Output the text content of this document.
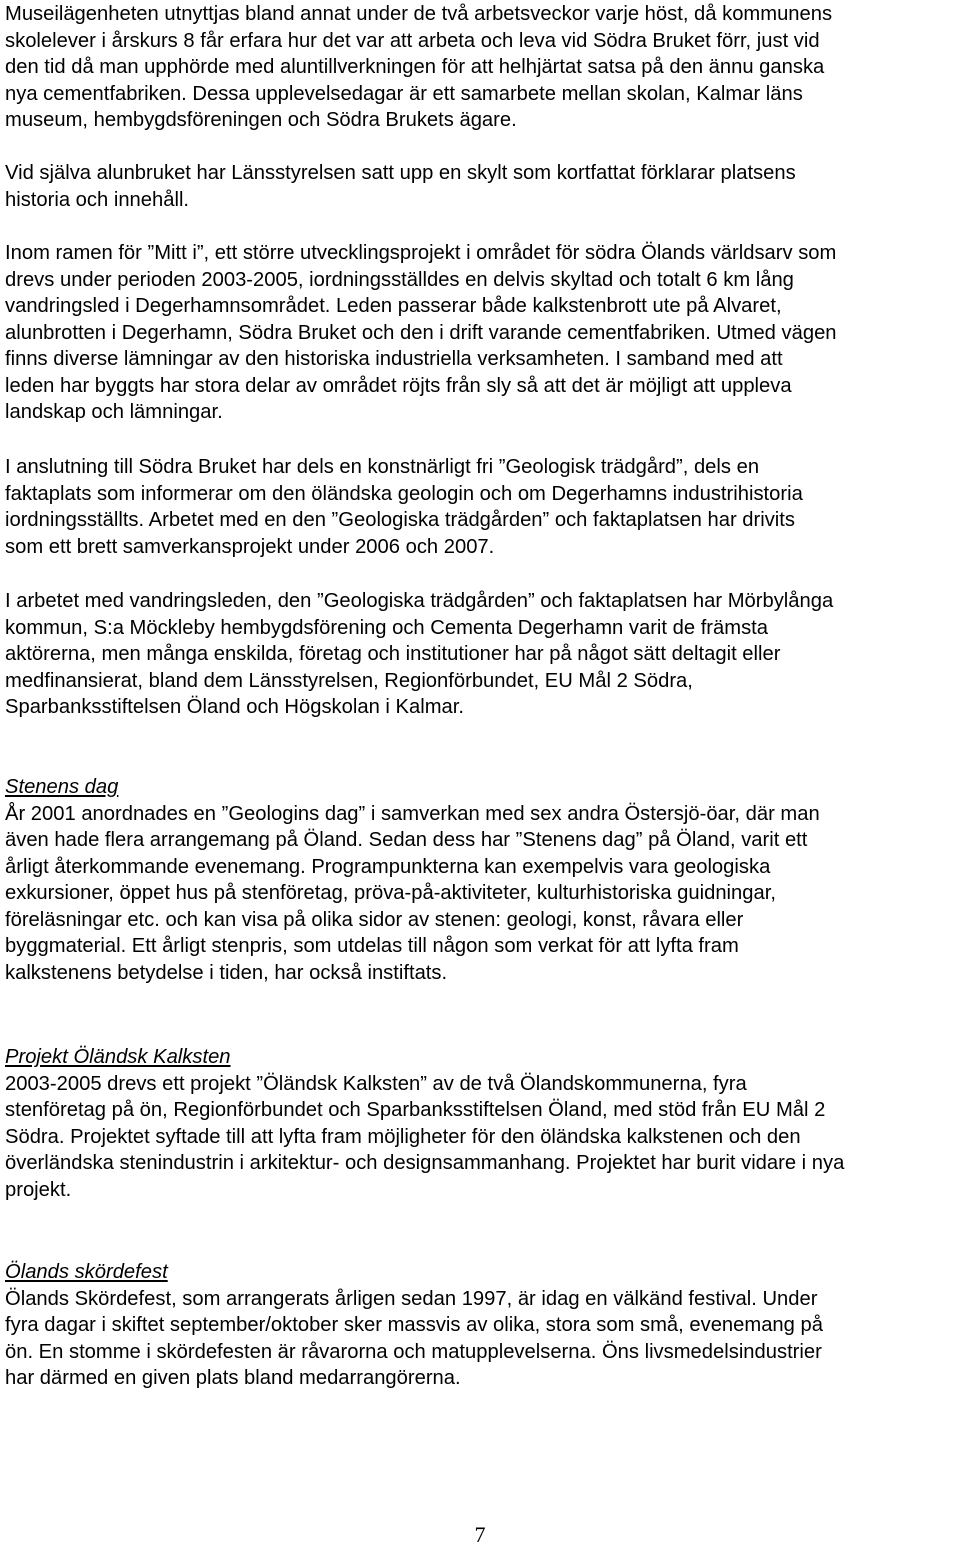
Museilägenheten utnyttjas bland annat under de två arbetsveckor varje höst, då kommunens
skolelever i årskurs 8 får erfara hur det var att arbeta och leva vid Södra Bruket förr, just vid
den tid då man upphörde med aluntillverkningen för att helhjärtat satsa på den ännu ganska
nya cementfabriken. Dessa upplevelsedagar är ett samarbete mellan skolan, Kalmar läns
museum, hembygdsföreningen och Södra Brukets ägare.

Vid själva alunbruket har Länsstyrelsen satt upp en skylt som kortfattat förklarar platsens
historia och innehåll.

Inom ramen för ”Mitt i”, ett större utvecklingsprojekt i området för södra Ölands världsarv som
drevs under perioden 2003-2005, iordningsställdes en delvis skyltad och totalt 6 km lång
vandringsled i Degerhamnsområdet. Leden passerar både kalkstenbrott ute på Alvaret,
alunbrotten i Degerhamn, Södra Bruket och den i drift varande cementfabriken. Utmed vägen
finns diverse lämningar av den historiska industriella verksamheten. I samband med att
leden har byggts har stora delar av området röjts från sly så att det är möjligt att uppleva
landskap och lämningar.

I anslutning till Södra Bruket har dels en konstnärligt fri ”Geologisk trädgård”, dels en
faktaplats som informerar om den öländska geologin och om Degerhamns industrihistoria
iordningsställts. Arbetet med en den ”Geologiska trädgården” och faktaplatsen har drivits
som ett brett samverkansprojekt under 2006 och 2007.

I arbetet med vandringsleden, den ”Geologiska trädgården” och faktaplatsen har Mörbylånga
kommun, S:a Möckleby hembygdsförening och Cementa Degerhamn varit de främsta
aktörerna, men många enskilda, företag och institutioner har på något sätt deltagit eller
medfinansierat, bland dem Länsstyrelsen, Regionförbundet, EU Mål 2 Södra,
Sparbanksstiftelsen Öland och Högskolan i Kalmar.

Stenens dag

År 2001 anordnades en ”Geologins dag” i samverkan med sex andra Östersjö-öar, där man
även hade flera arrangemang på Öland. Sedan dess har ”Stenens dag” på Öland, varit ett
årligt återkommande evenemang. Programpunkterna kan exempelvis vara geologiska
exkursioner, öppet hus på stenföretag, pröva-på-aktiviteter, kulturhistoriska guidningar,
föreläsningar etc. och kan visa på olika sidor av stenen: geologi, konst, råvara eller
byggmaterial. Ett årligt stenpris, som utdelas till någon som verkat för att lyfta fram
kalkstenens betydelse i tiden, har också instiftats.

Projekt Öländsk Kalksten

2003-2005 drevs ett projekt ”Öländsk Kalksten” av de två Ölandskommunerna, fyra
stenföretag på ön, Regionförbundet och Sparbanksstiftelsen Öland, med stöd från EU Mål 2
Södra. Projektet syftade till att lyfta fram möjligheter för den öländska kalkstenen och den
överländska stenindustrin i arkitektur- och designsammanhang. Projektet har burit vidare i nya
projekt.

Ölands skördefest

Ölands Skördefest, som arrangerats årligen sedan 1997, är idag en välkänd festival. Under
fyra dagar i skiftet september/oktober sker massvis av olika, stora som små, evenemang på
ön. En stomme i skördefesten är råvarorna och matupplevelserna. Öns livsmedelsindustrier
har därmed en given plats bland medarrangörerna.

7
